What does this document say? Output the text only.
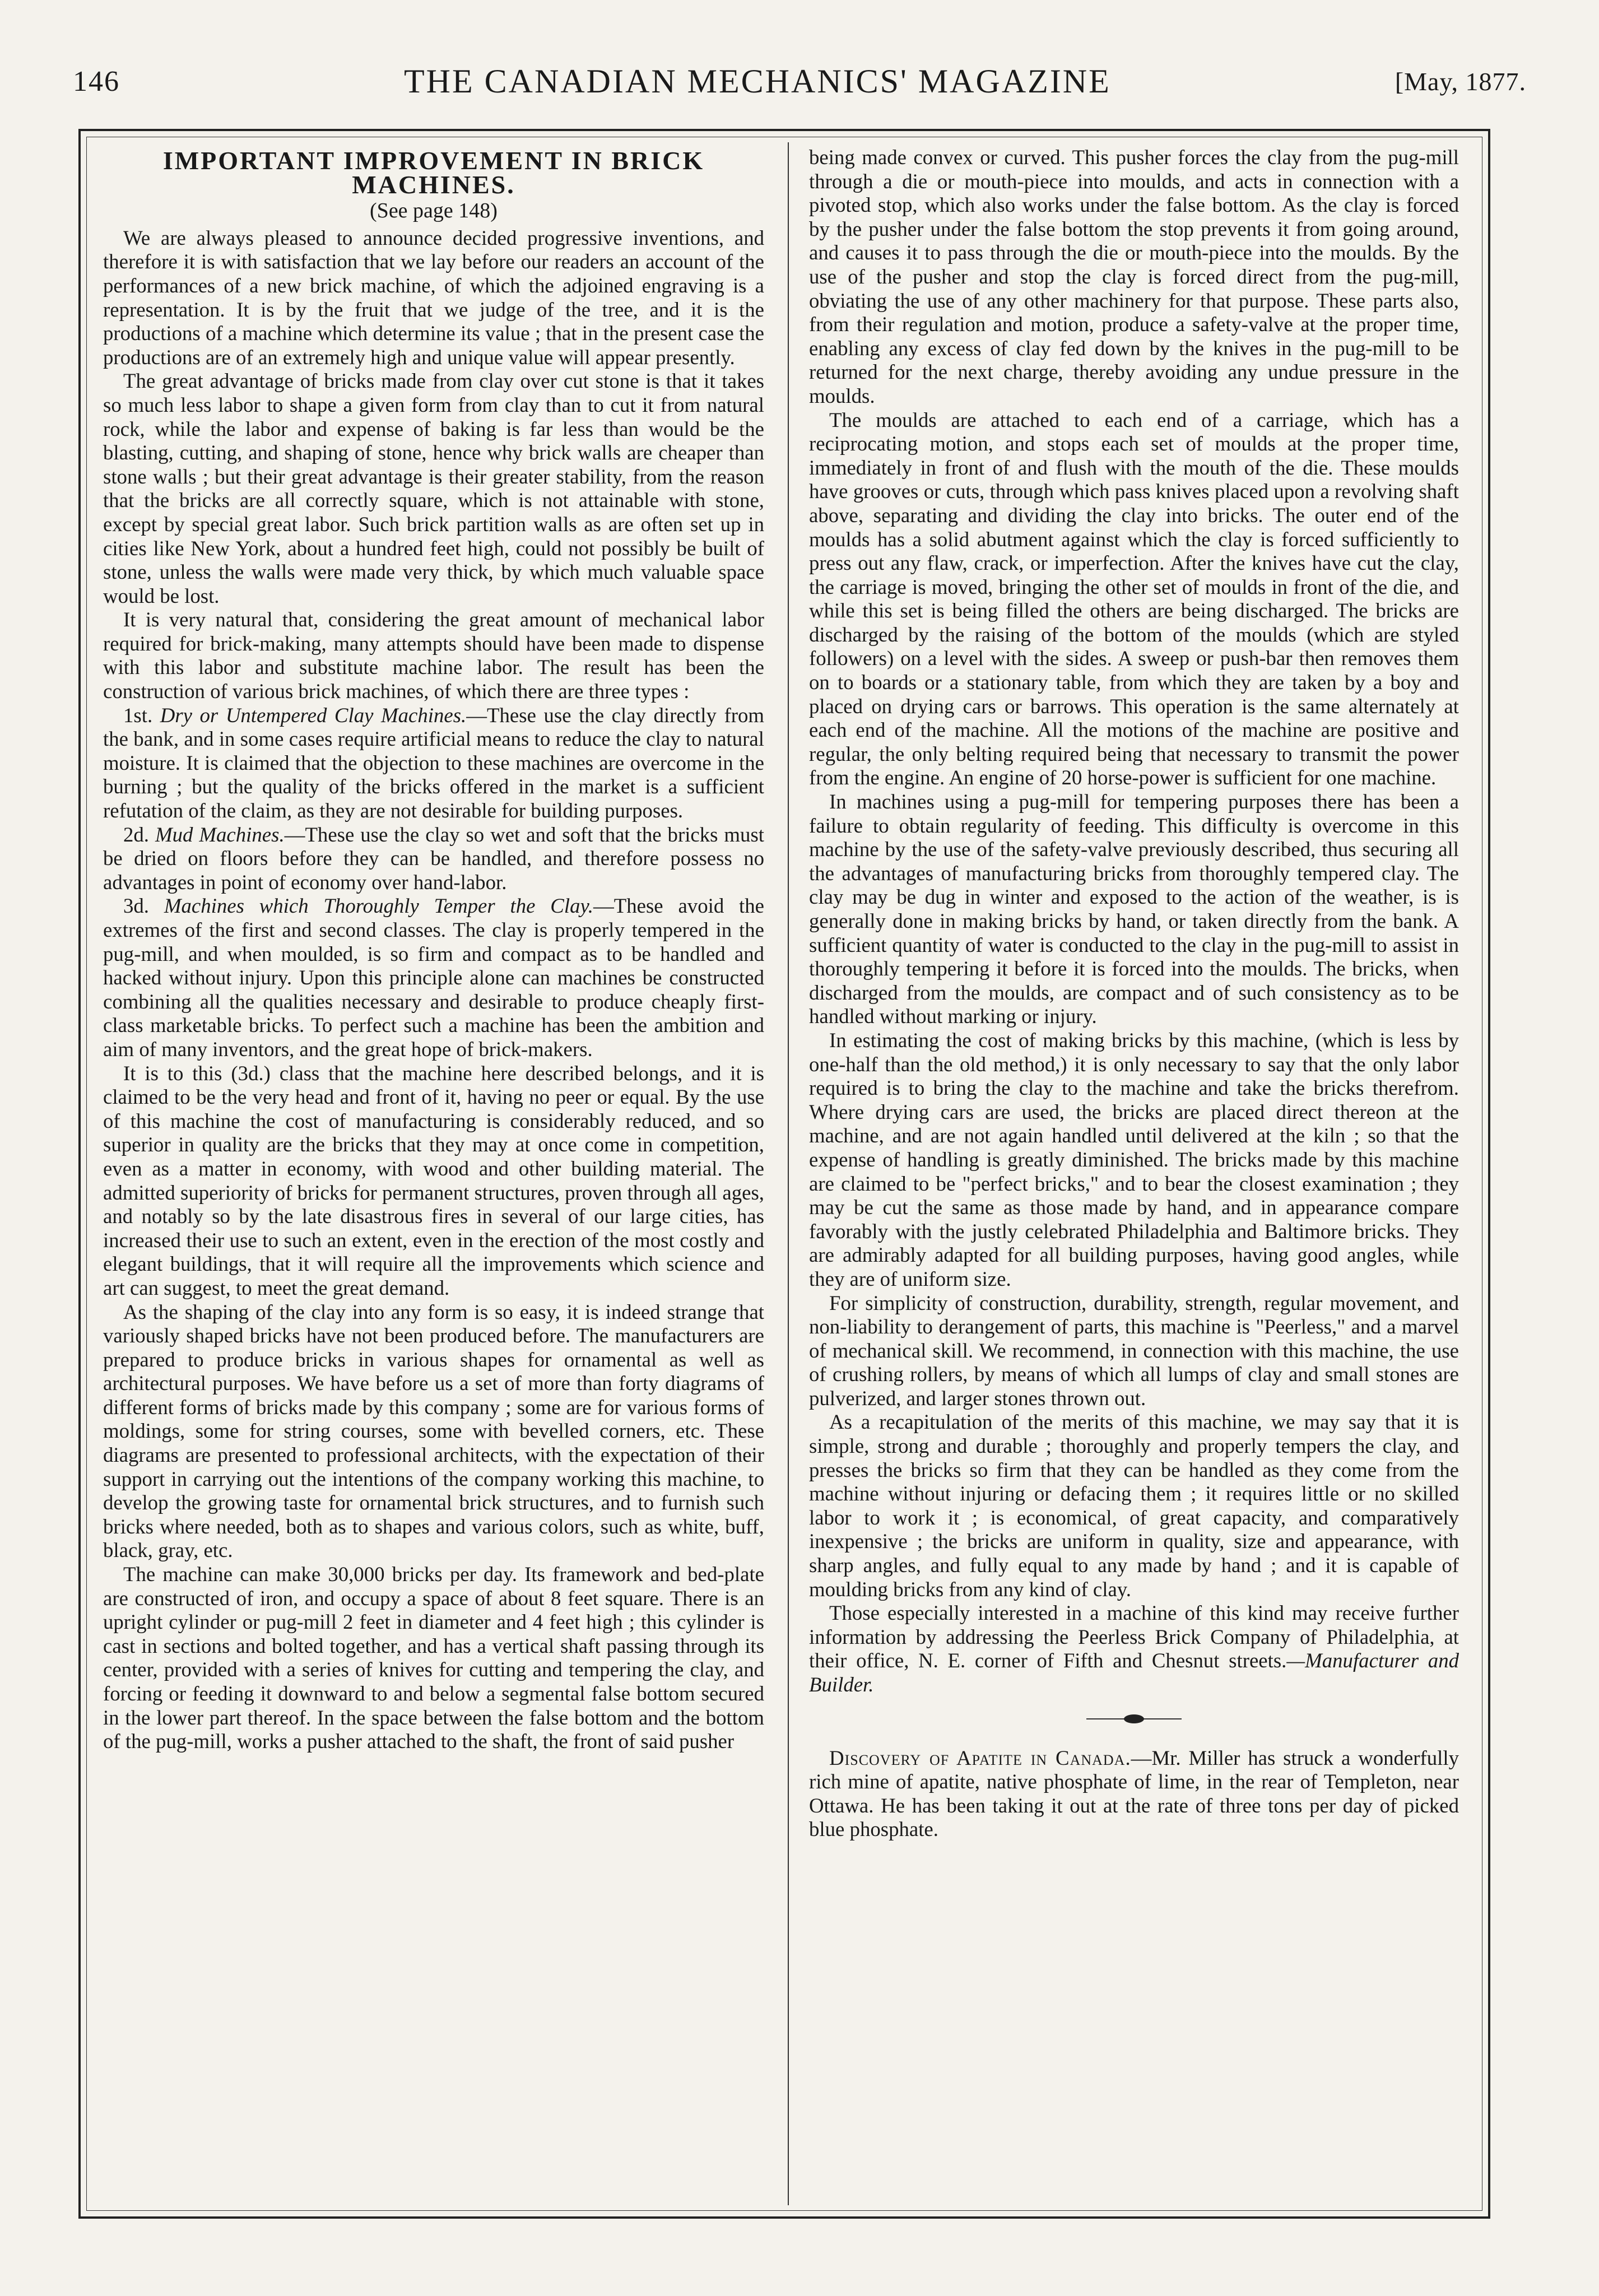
146	THE CANADIAN MECHANICS' MAGAZINE	[May, 1877.
IMPORTANT IMPROVEMENT IN BRICK MACHINES.
(See page 148)

We are always pleased to announce decided progressive inventions, and therefore it is with satisfaction that we lay before our readers an account of the performances of a new brick machine, of which the adjoined engraving is a representation. It is by the fruit that we judge of the tree, and it is the productions of a machine which determine its value ; that in the present case the productions are of an extremely high and unique value will appear presently.

The great advantage of bricks made from clay over cut stone is that it takes so much less labor to shape a given form from clay than to cut it from natural rock, while the labor and expense of baking is far less than would be the blasting, cutting, and shaping of stone, hence why brick walls are cheaper than stone walls ; but their great advantage is their greater stability, from the reason that the bricks are all correctly square, which is not attainable with stone, except by special great labor. Such brick partition walls as are often set up in cities like New York, about a hundred feet high, could not possibly be built of stone, unless the walls were made very thick, by which much valuable space would be lost.

It is very natural that, considering the great amount of mechanical labor required for brick-making, many attempts should have been made to dispense with this labor and substitute machine labor. The result has been the construction of various brick machines, of which there are three types :

1st. Dry or Untempered Clay Machines.—These use the clay directly from the bank, and in some cases require artificial means to reduce the clay to natural moisture. It is claimed that the objection to these machines are overcome in the burning ; but the quality of the bricks offered in the market is a sufficient refutation of the claim, as they are not desirable for building purposes.

2d. Mud Machines.—These use the clay so wet and soft that the bricks must be dried on floors before they can be handled, and therefore possess no advantages in point of economy over hand-labor.

3d. Machines which Thoroughly Temper the Clay.—These avoid the extremes of the first and second classes. The clay is properly tempered in the pug-mill, and when moulded, is so firm and compact as to be handled and hacked without injury. Upon this principle alone can machines be constructed combining all the qualities necessary and desirable to produce cheaply first-class marketable bricks. To perfect such a machine has been the ambition and aim of many inventors, and the great hope of brick-makers.

It is to this (3d.) class that the machine here described belongs, and it is claimed to be the very head and front of it, having no peer or equal. By the use of this machine the cost of manufacturing is considerably reduced, and so superior in quality are the bricks that they may at once come in competition, even as a matter in economy, with wood and other building material. The admitted superiority of bricks for permanent structures, proven through all ages, and notably so by the late disastrous fires in several of our large cities, has increased their use to such an extent, even in the erection of the most costly and elegant buildings, that it will require all the improvements which science and art can suggest, to meet the great demand.

As the shaping of the clay into any form is so easy, it is indeed strange that variously shaped bricks have not been produced before. The manufacturers are prepared to produce bricks in various shapes for ornamental as well as architectural purposes. We have before us a set of more than forty diagrams of different forms of bricks made by this company ; some are for various forms of moldings, some for string courses, some with bevelled corners, etc. These diagrams are presented to professional architects, with the expectation of their support in carrying out the intentions of the company working this machine, to develop the growing taste for ornamental brick structures, and to furnish such bricks where needed, both as to shapes and various colors, such as white, buff, black, gray, etc.

The machine can make 30,000 bricks per day. Its framework and bed-plate are constructed of iron, and occupy a space of about 8 feet square. There is an upright cylinder or pug-mill 2 feet in diameter and 4 feet high ; this cylinder is cast in sections and bolted together, and has a vertical shaft passing through its center, provided with a series of knives for cutting and tempering the clay, and forcing or feeding it downward to and below a segmental false bottom secured in the lower part thereof. In the space between the false bottom and the bottom of the pug-mill, works a pusher attached to the shaft, the front of said pusher

being made convex or curved. This pusher forces the clay from the pug-mill through a die or mouth-piece into moulds, and acts in connection with a pivoted stop, which also works under the false bottom. As the clay is forced by the pusher under the false bottom the stop prevents it from going around, and causes it to pass through the die or mouth-piece into the moulds. By the use of the pusher and stop the clay is forced direct from the pug-mill, obviating the use of any other machinery for that purpose. These parts also, from their regulation and motion, produce a safety-valve at the proper time, enabling any excess of clay fed down by the knives in the pug-mill to be returned for the next charge, thereby avoiding any undue pressure in the moulds.

The moulds are attached to each end of a carriage, which has a reciprocating motion, and stops each set of moulds at the proper time, immediately in front of and flush with the mouth of the die. These moulds have grooves or cuts, through which pass knives placed upon a revolving shaft above, separating and dividing the clay into bricks. The outer end of the moulds has a solid abutment against which the clay is forced sufficiently to press out any flaw, crack, or imperfection. After the knives have cut the clay, the carriage is moved, bringing the other set of moulds in front of the die, and while this set is being filled the others are being discharged. The bricks are discharged by the raising of the bottom of the moulds (which are styled followers) on a level with the sides. A sweep or push-bar then removes them on to boards or a stationary table, from which they are taken by a boy and placed on drying cars or barrows. This operation is the same alternately at each end of the machine. All the motions of the machine are positive and regular, the only belting required being that necessary to transmit the power from the engine. An engine of 20 horse-power is sufficient for one machine.

In machines using a pug-mill for tempering purposes there has been a failure to obtain regularity of feeding. This difficulty is overcome in this machine by the use of the safety-valve previously described, thus securing all the advantages of manufacturing bricks from thoroughly tempered clay. The clay may be dug in winter and exposed to the action of the weather, is is generally done in making bricks by hand, or taken directly from the bank. A sufficient quantity of water is conducted to the clay in the pug-mill to assist in thoroughly tempering it before it is forced into the moulds. The bricks, when discharged from the moulds, are compact and of such consistency as to be handled without marking or injury.

In estimating the cost of making bricks by this machine, (which is less by one-half than the old method,) it is only necessary to say that the only labor required is to bring the clay to the machine and take the bricks therefrom. Where drying cars are used, the bricks are placed direct thereon at the machine, and are not again handled until delivered at the kiln ; so that the expense of handling is greatly diminished. The bricks made by this machine are claimed to be "perfect bricks," and to bear the closest examination ; they may be cut the same as those made by hand, and in appearance compare favorably with the justly celebrated Philadelphia and Baltimore bricks. They are admirably adapted for all building purposes, having good angles, while they are of uniform size.

For simplicity of construction, durability, strength, regular movement, and non-liability to derangement of parts, this machine is "Peerless," and a marvel of mechanical skill. We recommend, in connection with this machine, the use of crushing rollers, by means of which all lumps of clay and small stones are pulverized, and larger stones thrown out.

As a recapitulation of the merits of this machine, we may say that it is simple, strong and durable ; thoroughly and properly tempers the clay, and presses the bricks so firm that they can be handled as they come from the machine without injuring or defacing them ; it requires little or no skilled labor to work it ; is economical, of great capacity, and comparatively inexpensive ; the bricks are uniform in quality, size and appearance, with sharp angles, and fully equal to any made by hand ; and it is capable of moulding bricks from any kind of clay.

Those especially interested in a machine of this kind may receive further information by addressing the Peerless Brick Company of Philadelphia, at their office, N. E. corner of Fifth and Chesnut streets.—Manufacturer and Builder.

Discovery of Apatite in Canada.—Mr. Miller has struck a wonderfully rich mine of apatite, native phosphate of lime, in the rear of Templeton, near Ottawa. He has been taking it out at the rate of three tons per day of picked blue phosphate.
